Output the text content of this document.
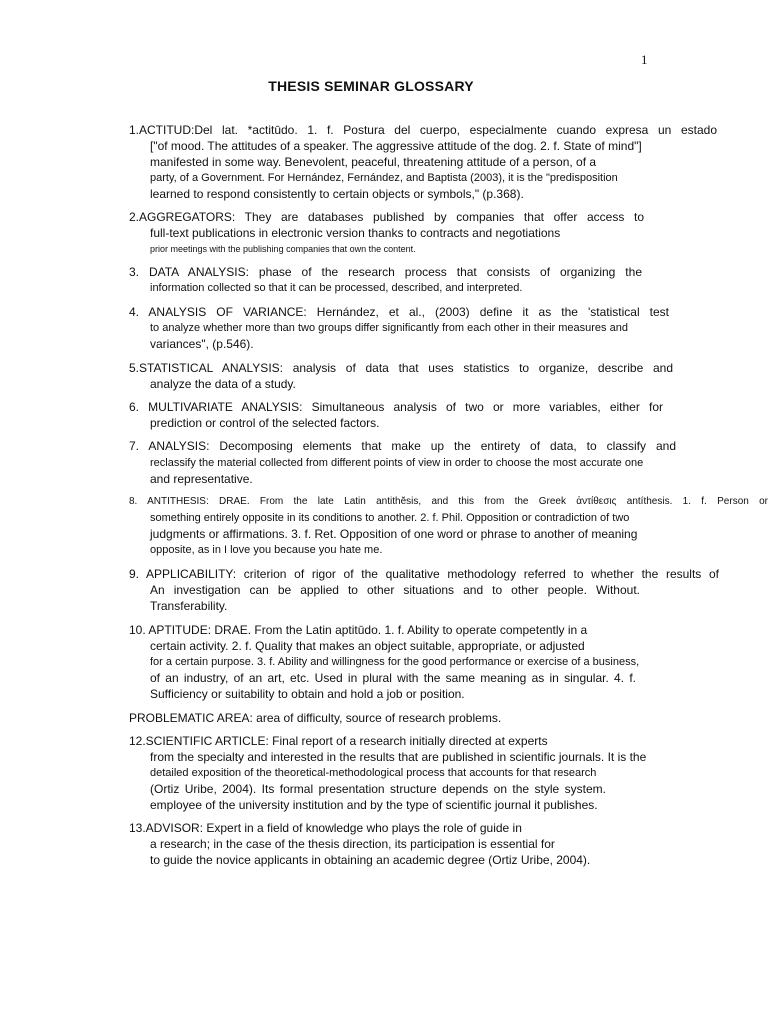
1
THESIS SEMINAR GLOSSARY
1.ACTITUD:Del lat. *actitūdo. 1. f. Postura del cuerpo, especialmente cuando expresa un estado
["of mood. The attitudes of a speaker. The aggressive attitude of the dog. 2. f. State of mind"]
manifested in some way. Benevolent, peaceful, threatening attitude of a person, of a
party, of a Government. For Hernández, Fernández, and Baptista (2003), it is the "predisposition
learned to respond consistently to certain objects or symbols," (p.368).
2.AGGREGATORS: They are databases published by companies that offer access to
full-text publications in electronic version thanks to contracts and negotiations
prior meetings with the publishing companies that own the content.
3. DATA ANALYSIS: phase of the research process that consists of organizing the
information collected so that it can be processed, described, and interpreted.
4. ANALYSIS OF VARIANCE: Hernández, et al., (2003) define it as the 'statistical test
to analyze whether more than two groups differ significantly from each other in their measures and
variances", (p.546).
5.STATISTICAL ANALYSIS: analysis of data that uses statistics to organize, describe and
analyze the data of a study.
6. MULTIVARIATE ANALYSIS: Simultaneous analysis of two or more variables, either for
prediction or control of the selected factors.
7. ANALYSIS: Decomposing elements that make up the entirety of data, to classify and
reclassify the material collected from different points of view in order to choose the most accurate one
and representative.
8. ANTITHESIS: DRAE. From the late Latin antithĕsis, and this from the Greek ἀντίθεσις antíthesis. 1. f. Person or
something entirely opposite in its conditions to another. 2. f. Phil. Opposition or contradiction of two
judgments or affirmations. 3. f. Ret. Opposition of one word or phrase to another of meaning
opposite, as in I love you because you hate me.
9. APPLICABILITY: criterion of rigor of the qualitative methodology referred to whether the results of
An investigation can be applied to other situations and to other people. Without.
Transferability.
10. APTITUDE: DRAE. From the Latin aptitūdo. 1. f. Ability to operate competently in a
certain activity. 2. f. Quality that makes an object suitable, appropriate, or adjusted
for a certain purpose. 3. f. Ability and willingness for the good performance or exercise of a business,
of an industry, of an art, etc. Used in plural with the same meaning as in singular. 4. f.
Sufficiency or suitability to obtain and hold a job or position.
PROBLEMATIC AREA: area of difficulty, source of research problems.
12.SCIENTIFIC ARTICLE: Final report of a research initially directed at experts
from the specialty and interested in the results that are published in scientific journals. It is the
detailed exposition of the theoretical-methodological process that accounts for that research
(Ortiz Uribe, 2004). Its formal presentation structure depends on the style system.
employee of the university institution and by the type of scientific journal it publishes.
13.ADVISOR: Expert in a field of knowledge who plays the role of guide in
a research; in the case of the thesis direction, its participation is essential for
to guide the novice applicants in obtaining an academic degree (Ortiz Uribe, 2004).
